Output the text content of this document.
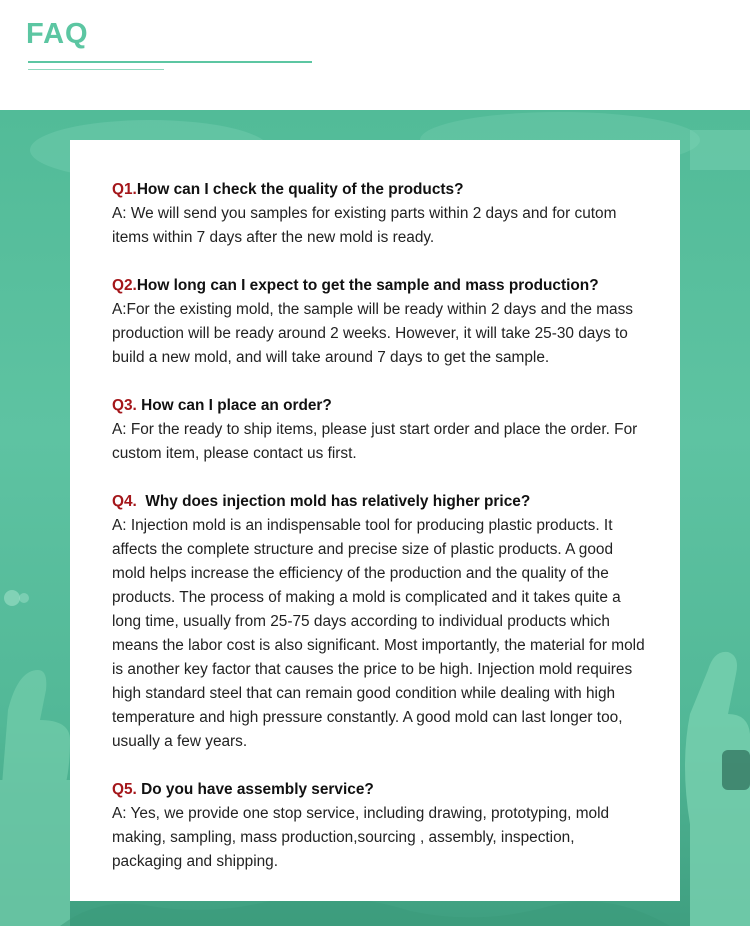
FAQ

Q1.How can I check the quality of the products?

A: We will send you samples for existing parts within 2 days and for cutom items within 7 days after the new mold is ready.

Q2.How long can I expect to get the sample and mass production?

A:For the existing mold, the sample will be ready within 2 days and the mass production will be ready around 2 weeks. However, it will take 25-30 days to build a new mold, and will take around 7 days to get the sample.

Q3. How can I place an order?

A: For the ready to ship items, please just start order and place the order. For custom item, please contact us first.

Q4.  Why does injection mold has relatively higher price?

A: Injection mold is an indispensable tool for producing plastic products. It affects the complete structure and precise size of plastic products. A good mold helps increase the efficiency of the production and the quality of the products. The process of making a mold is complicated and it takes quite a long time, usually from 25-75 days according to individual products which means the labor cost is also significant. Most importantly, the material for mold is another key factor that causes the price to be high. Injection mold requires high standard steel that can remain good condition while dealing with high temperature and high pressure constantly. A good mold can last longer too, usually a few years.

Q5. Do you have assembly service?

A: Yes, we provide one stop service, including drawing, prototyping, mold making, sampling, mass production,sourcing , assembly, inspection, packaging and shipping.
